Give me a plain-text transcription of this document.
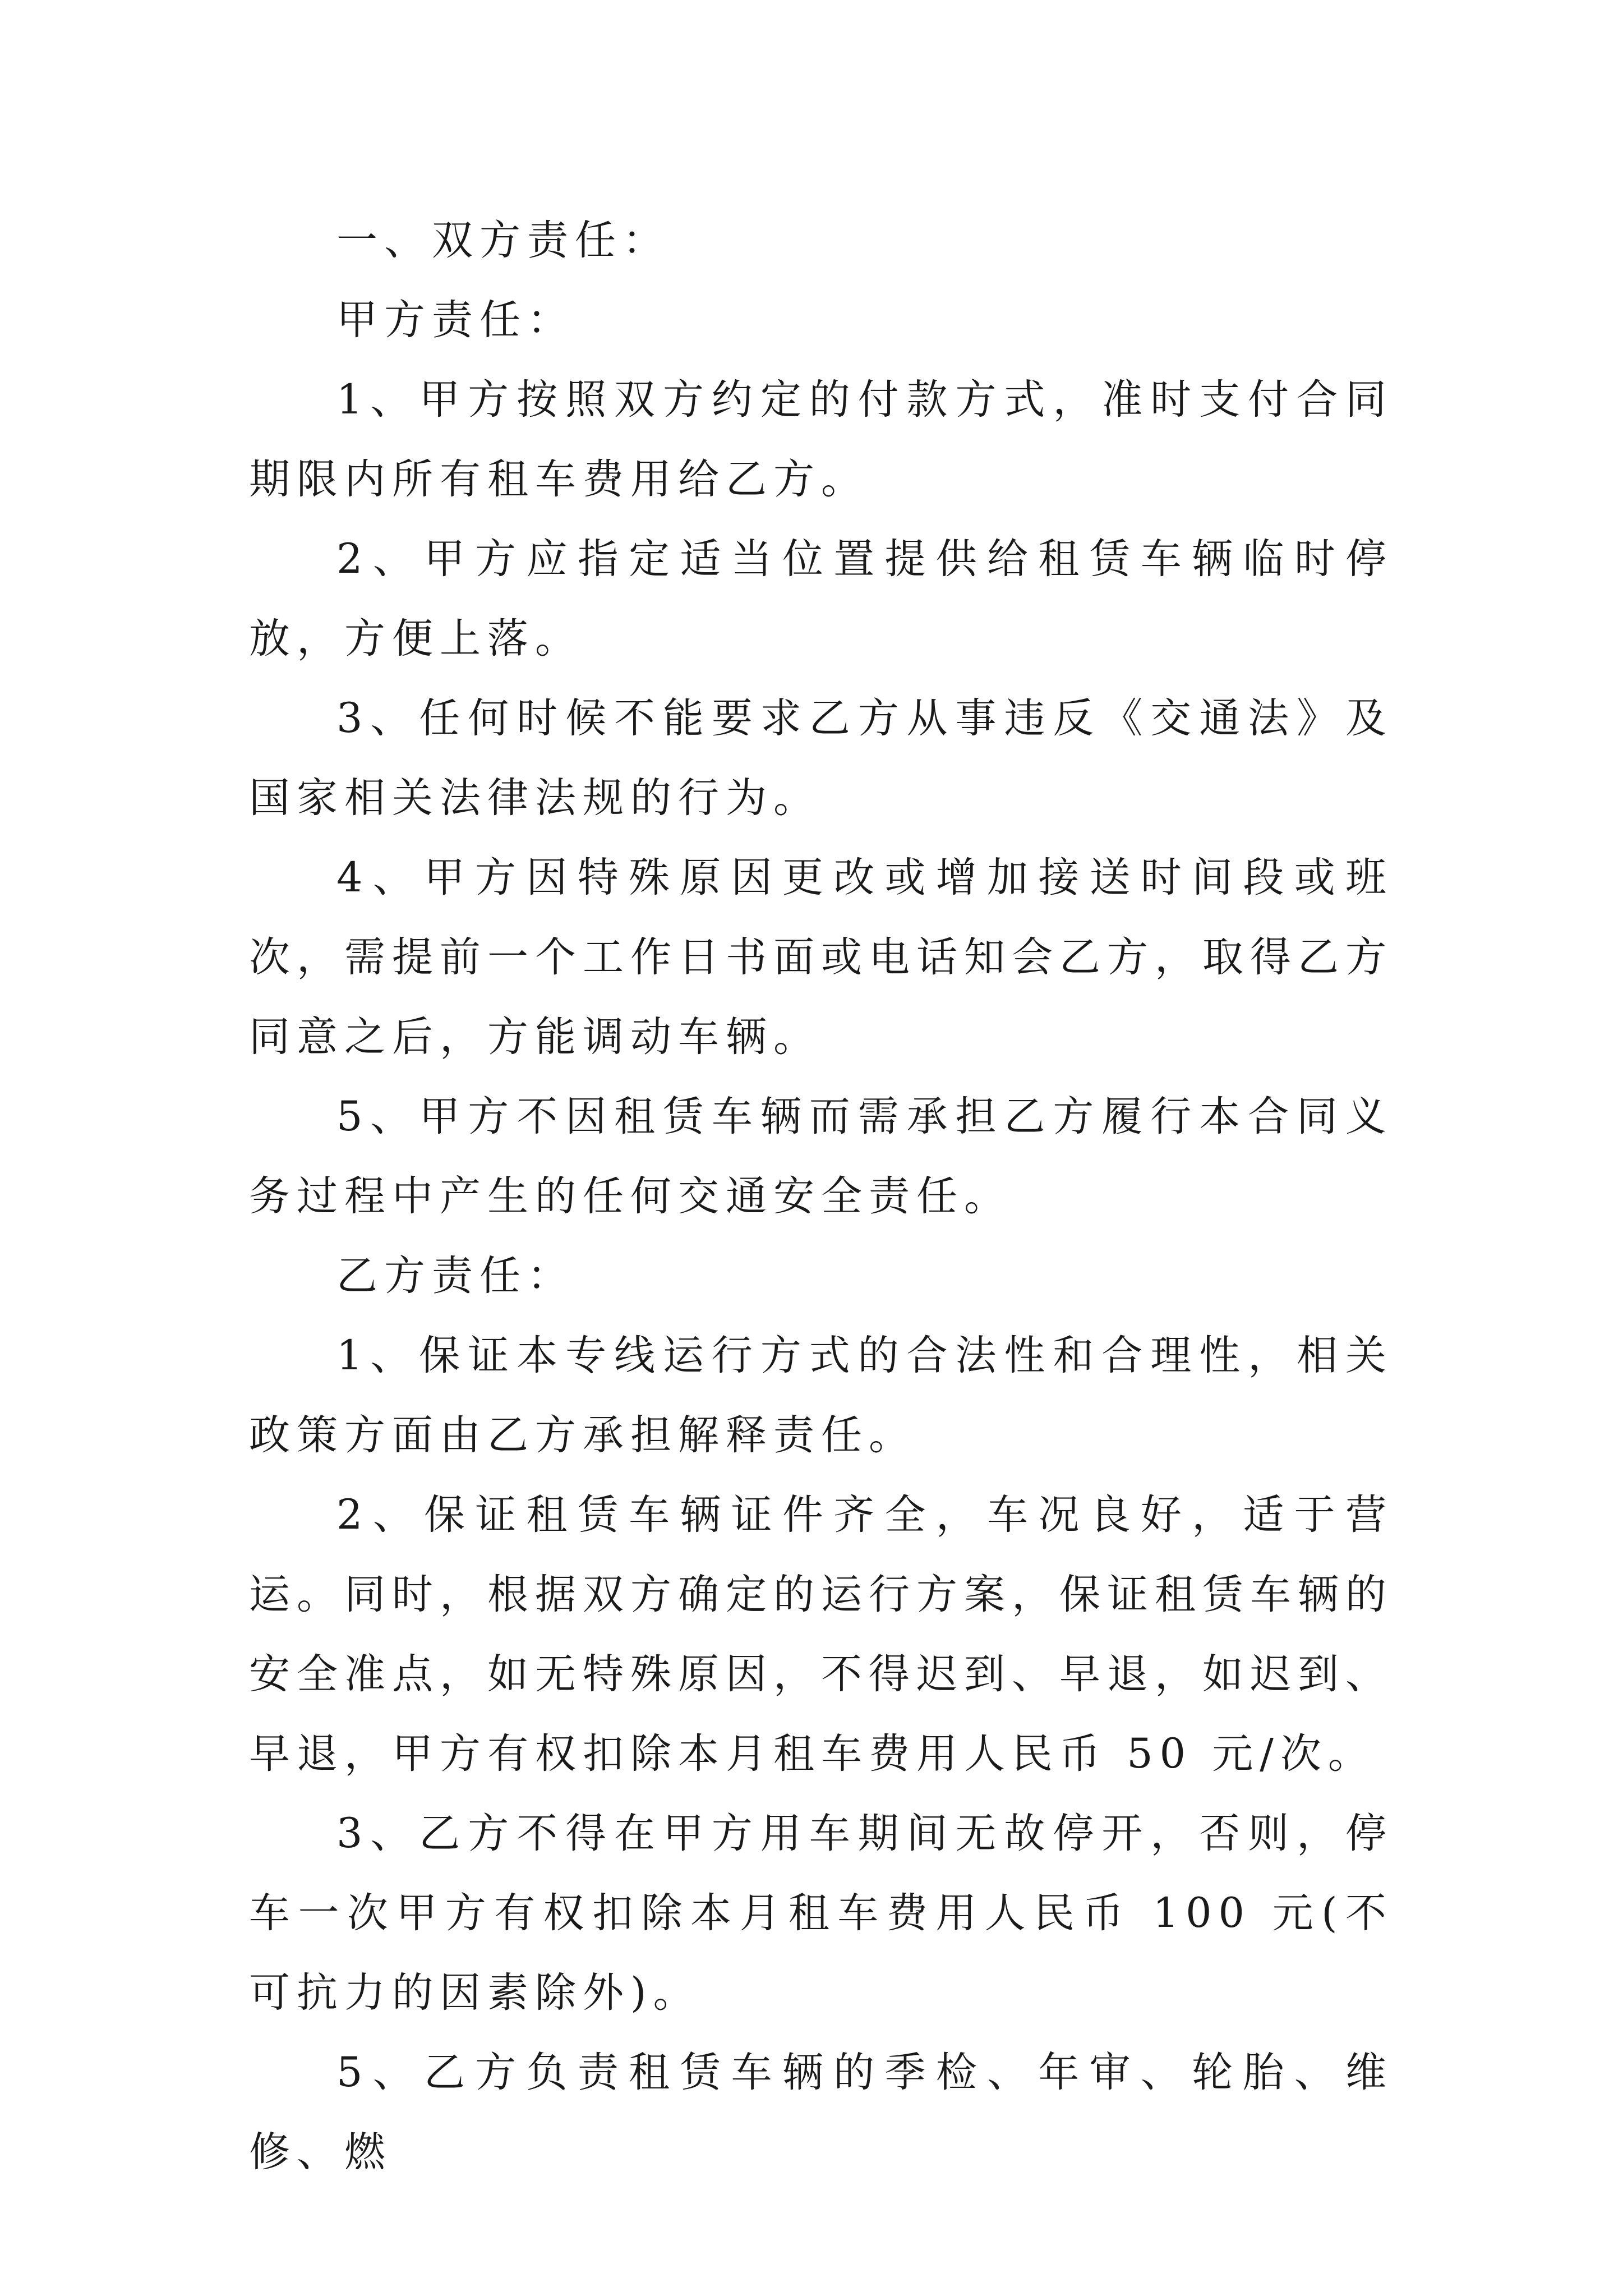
一、双方责任：

甲方责任：

1、甲方按照双方约定的付款方式，准时支付合同期限内所有租车费用给乙方。

2、甲方应指定适当位置提供给租赁车辆临时停放，方便上落。

3、任何时候不能要求乙方从事违反《交通法》及国家相关法律法规的行为。

4、甲方因特殊原因更改或增加接送时间段或班次，需提前一个工作日书面或电话知会乙方，取得乙方同意之后，方能调动车辆。

5、甲方不因租赁车辆而需承担乙方履行本合同义务过程中产生的任何交通安全责任。

乙方责任：

1、保证本专线运行方式的合法性和合理性，相关政策方面由乙方承担解释责任。

2、保证租赁车辆证件齐全，车况良好，适于营运。同时，根据双方确定的运行方案，保证租赁车辆的安全准点，如无特殊原因，不得迟到、早退，如迟到、早退，甲方有权扣除本月租车费用人民币 50 元/次。

3、乙方不得在甲方用车期间无故停开，否则，停车一次甲方有权扣除本月租车费用人民币 100 元(不可抗力的因素除外)。

5、乙方负责租赁车辆的季检、年审、轮胎、维修、燃
